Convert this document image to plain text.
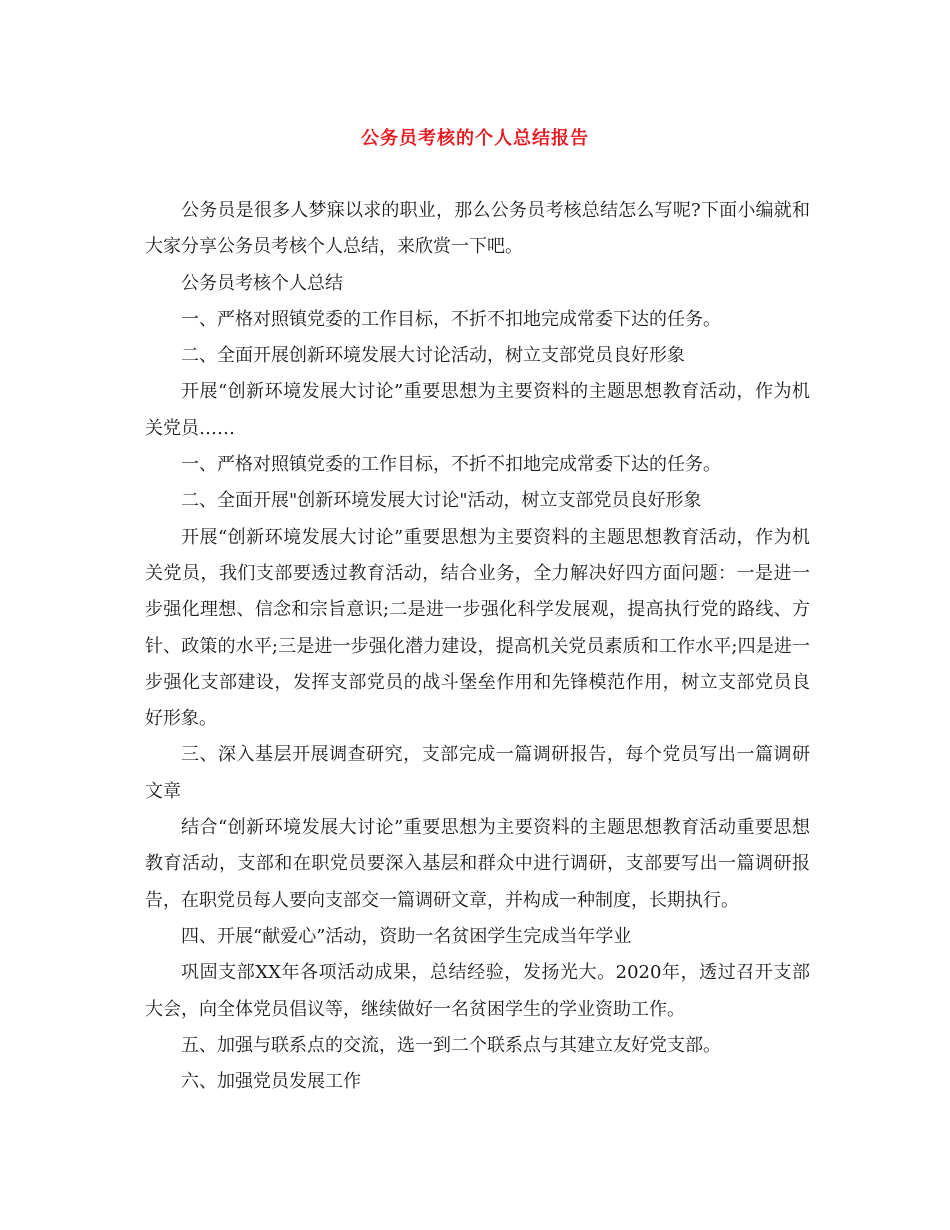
公务员考核的个人总结报告

公务员是很多人梦寐以求的职业，那么公务员考核总结怎么写呢?下面小编就和大家分享公务员考核个人总结，来欣赏一下吧。

公务员考核个人总结

一、严格对照镇党委的工作目标，不折不扣地完成常委下达的任务。

二、全面开展创新环境发展大讨论活动，树立支部党员良好形象

开展“创新环境发展大讨论”重要思想为主要资料的主题思想教育活动，作为机关党员……

一、严格对照镇党委的工作目标，不折不扣地完成常委下达的任务。

二、全面开展"创新环境发展大讨论"活动，树立支部党员良好形象

开展“创新环境发展大讨论”重要思想为主要资料的主题思想教育活动，作为机关党员，我们支部要透过教育活动，结合业务，全力解决好四方面问题：一是进一步强化理想、信念和宗旨意识;二是进一步强化科学发展观，提高执行党的路线、方针、政策的水平;三是进一步强化潜力建设，提高机关党员素质和工作水平;四是进一步强化支部建设，发挥支部党员的战斗堡垒作用和先锋模范作用，树立支部党员良好形象。

三、深入基层开展调查研究，支部完成一篇调研报告，每个党员写出一篇调研文章

结合“创新环境发展大讨论”重要思想为主要资料的主题思想教育活动重要思想教育活动，支部和在职党员要深入基层和群众中进行调研，支部要写出一篇调研报告，在职党员每人要向支部交一篇调研文章，并构成一种制度，长期执行。

四、开展“献爱心”活动，资助一名贫困学生完成当年学业

巩固支部XX年各项活动成果，总结经验，发扬光大。2020年，透过召开支部大会，向全体党员倡议等，继续做好一名贫困学生的学业资助工作。

五、加强与联系点的交流，选一到二个联系点与其建立友好党支部。

六、加强党员发展工作
